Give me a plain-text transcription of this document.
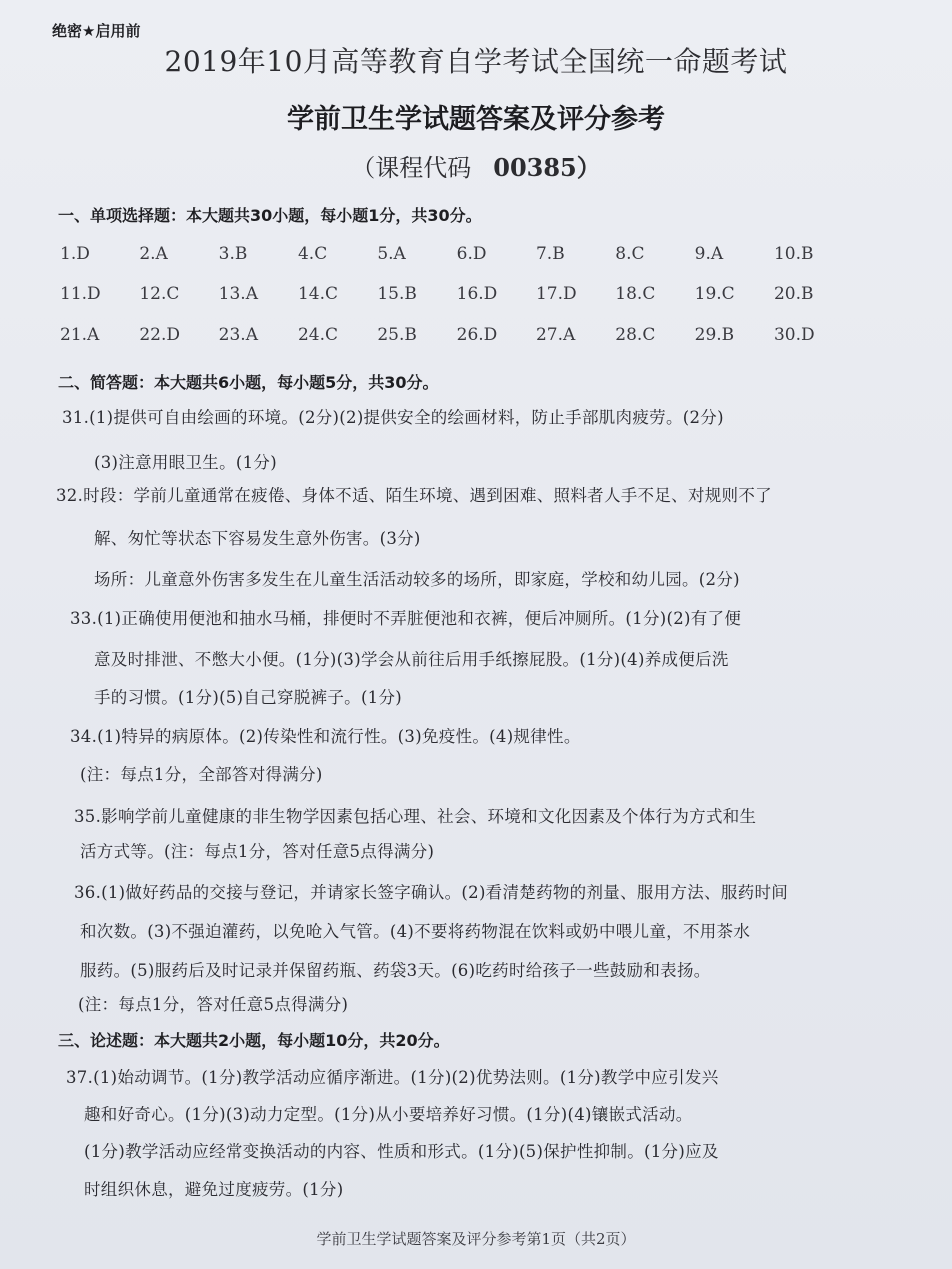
绝密★启用前
2019年10月高等教育自学考试全国统一命题考试
学前卫生学试题答案及评分参考
（课程代码 00385）
一、单项选择题：本大题共30小题，每小题1分，共30分。
1.D	2.A	3.B	4.C	5.A	6.D	7.B	8.C	9.A	10.B
11.D	12.C	13.A	14.C	15.B	16.D	17.D	18.C	19.C	20.B
21.A	22.D	23.A	24.C	25.B	26.D	27.A	28.C	29.B	30.D
二、简答题：本大题共6小题，每小题5分，共30分。
31.(1)提供可自由绘画的环境。(2分)(2)提供安全的绘画材料，防止手部肌肉疲劳。(2分)
(3)注意用眼卫生。(1分)
32.时段：学前儿童通常在疲倦、身体不适、陌生环境、遇到困难、照料者人手不足、对规则不了
解、匆忙等状态下容易发生意外伤害。(3分)
场所：儿童意外伤害多发生在儿童生活活动较多的场所，即家庭，学校和幼儿园。(2分)
33.(1)正确使用便池和抽水马桶，排便时不弄脏便池和衣裤，便后冲厕所。(1分)(2)有了便
意及时排泄、不憋大小便。(1分)(3)学会从前往后用手纸擦屁股。(1分)(4)养成便后洗
手的习惯。(1分)(5)自己穿脱裤子。(1分)
34.(1)特异的病原体。(2)传染性和流行性。(3)免疫性。(4)规律性。
(注：每点1分，全部答对得满分)
35.影响学前儿童健康的非生物学因素包括心理、社会、环境和文化因素及个体行为方式和生
活方式等。(注：每点1分，答对任意5点得满分)
36.(1)做好药品的交接与登记，并请家长签字确认。(2)看清楚药物的剂量、服用方法、服药时间
和次数。(3)不强迫灌药，以免呛入气管。(4)不要将药物混在饮料或奶中喂儿童，不用茶水
服药。(5)服药后及时记录并保留药瓶、药袋3天。(6)吃药时给孩子一些鼓励和表扬。
(注：每点1分，答对任意5点得满分)
三、论述题：本大题共2小题，每小题10分，共20分。
37.(1)始动调节。(1分)教学活动应循序渐进。(1分)(2)优势法则。(1分)教学中应引发兴
趣和好奇心。(1分)(3)动力定型。(1分)从小要培养好习惯。(1分)(4)镶嵌式活动。
(1分)教学活动应经常变换活动的内容、性质和形式。(1分)(5)保护性抑制。(1分)应及
时组织休息，避免过度疲劳。(1分)
学前卫生学试题答案及评分参考第1页（共2页）
